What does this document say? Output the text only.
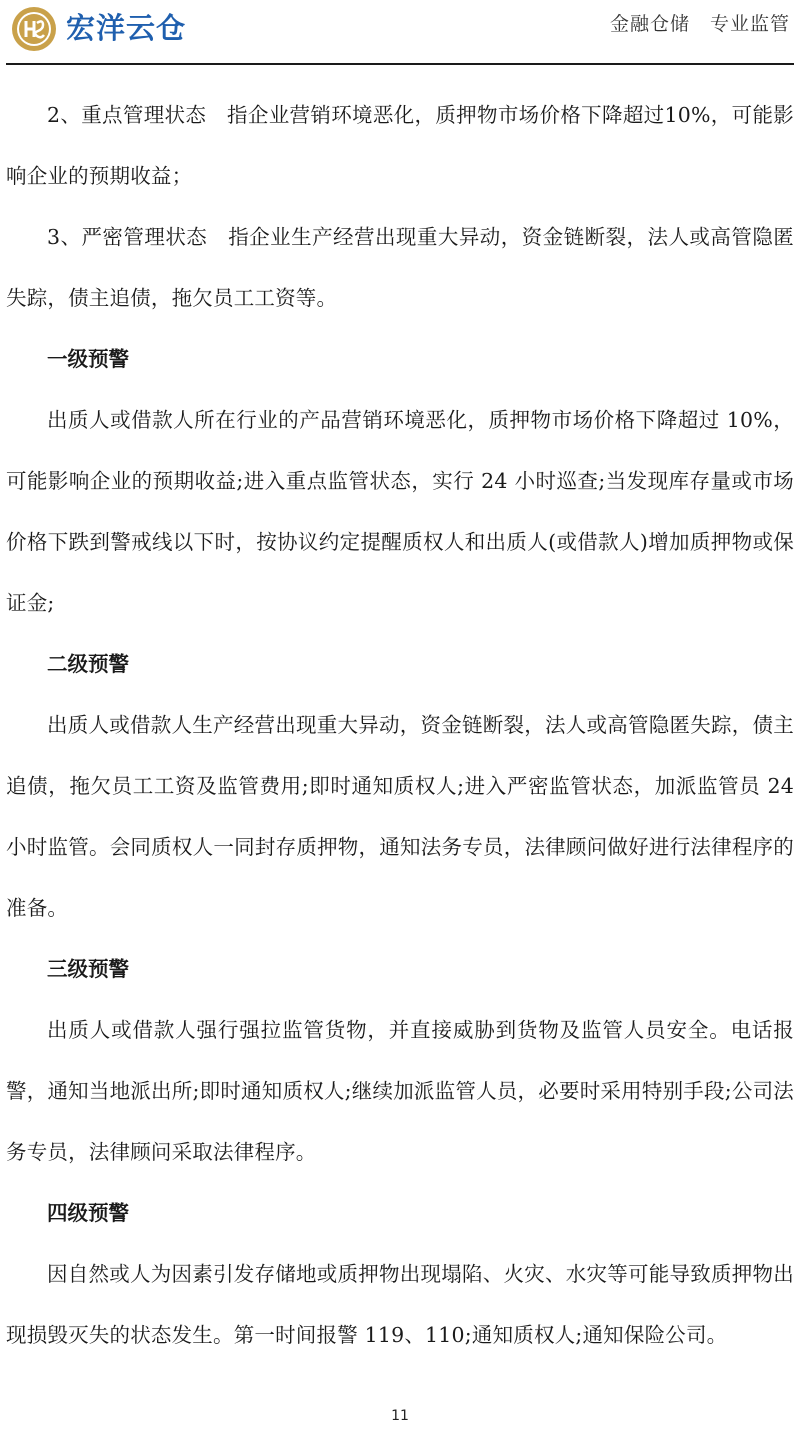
宏洋云仓	金融仓储　专业监管

2、重点管理状态　指企业营销环境恶化，质押物市场价格下降超过10%，可能影响企业的预期收益；

3、严密管理状态　指企业生产经营出现重大异动，资金链断裂，法人或高管隐匿失踪，债主追债，拖欠员工工资等。

一级预警

出质人或借款人所在行业的产品营销环境恶化，质押物市场价格下降超过 10%，可能影响企业的预期收益;进入重点监管状态，实行 24 小时巡查;当发现库存量或市场价格下跌到警戒线以下时，按协议约定提醒质权人和出质人(或借款人)增加质押物或保证金;

二级预警

出质人或借款人生产经营出现重大异动，资金链断裂，法人或高管隐匿失踪，债主追债，拖欠员工工资及监管费用;即时通知质权人;进入严密监管状态，加派监管员 24 小时监管。会同质权人一同封存质押物，通知法务专员，法律顾问做好进行法律程序的准备。

三级预警

出质人或借款人强行强拉监管货物，并直接威胁到货物及监管人员安全。电话报警，通知当地派出所;即时通知质权人;继续加派监管人员，必要时采用特别手段;公司法务专员，法律顾问采取法律程序。

四级预警

因自然或人为因素引发存储地或质押物出现塌陷、火灾、水灾等可能导致质押物出现损毁灭失的状态发生。第一时间报警 119、110;通知质权人;通知保险公司。

11
